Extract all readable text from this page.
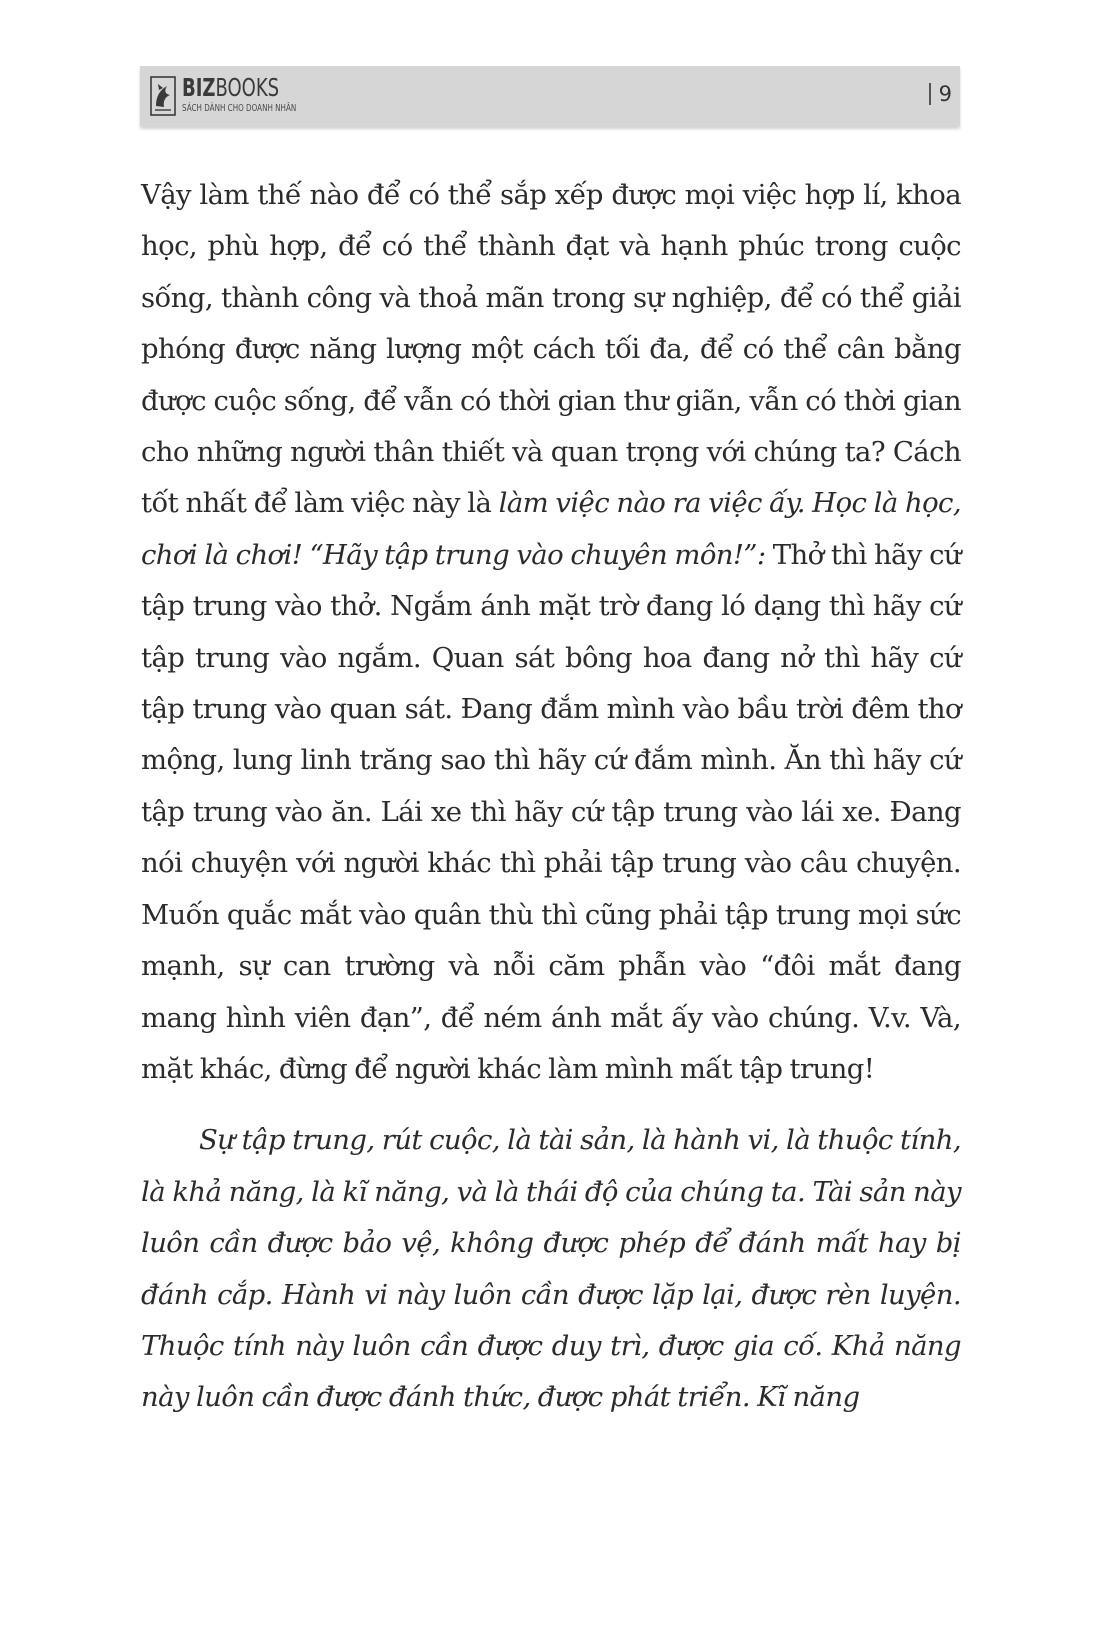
BIZBOOKS
SÁCH DÀNH CHO DOANH NHÂN
9

Vậy làm thế nào để có thể sắp xếp được mọi việc hợp lí, khoa học, phù hợp, để có thể thành đạt và hạnh phúc trong cuộc sống, thành công và thoả mãn trong sự nghiệp, để có thể giải phóng được năng lượng một cách tối đa, để có thể cân bằng được cuộc sống, để vẫn có thời gian thư giãn, vẫn có thời gian cho những người thân thiết và quan trọng với chúng ta? Cách tốt nhất để làm việc này là làm việc nào ra việc ấy. Học là học, chơi là chơi! “Hãy tập trung vào chuyên môn!”: Thở thì hãy cứ tập trung vào thở. Ngắm ánh mặt trờ đang ló dạng thì hãy cứ tập trung vào ngắm. Quan sát bông hoa đang nở thì hãy cứ tập trung vào quan sát. Đang đắm mình vào bầu trời đêm thơ mộng, lung linh trăng sao thì hãy cứ đắm mình. Ăn thì hãy cứ tập trung vào ăn. Lái xe thì hãy cứ tập trung vào lái xe. Đang nói chuyện với người khác thì phải tập trung vào câu chuyện. Muốn quắc mắt vào quân thù thì cũng phải tập trung mọi sức mạnh, sự can trường và nỗi căm phẫn vào “đôi mắt đang mang hình viên đạn”, để ném ánh mắt ấy vào chúng. V.v. Và, mặt khác, đừng để người khác làm mình mất tập trung!

Sự tập trung, rút cuộc, là tài sản, là hành vi, là thuộc tính, là khả năng, là kĩ năng, và là thái độ của chúng ta. Tài sản này luôn cần được bảo vệ, không được phép để đánh mất hay bị đánh cắp. Hành vi này luôn cần được lặp lại, được rèn luyện. Thuộc tính này luôn cần được duy trì, được gia cố. Khả năng này luôn cần được đánh thức, được phát triển. Kĩ năng
